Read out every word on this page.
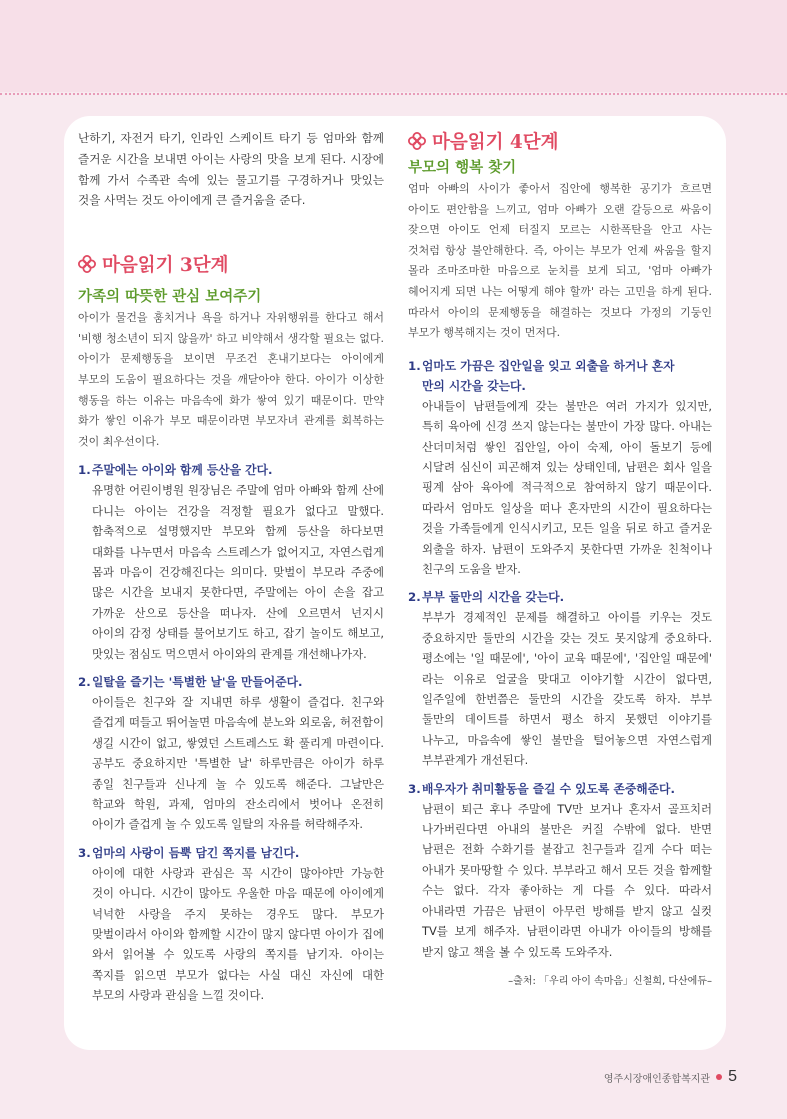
난하기, 자전거 타기, 인라인 스케이트 타기 등 엄마와 함께 즐거운 시간을 보내면 아이는 사랑의 맛을 보게 된다. 시장에 함께 가서 수족관 속에 있는 물고기를 구경하거나 맛있는 것을 사먹는 것도 아이에게 큰 즐거움을 준다.

마음읽기 3단계
가족의 따뜻한 관심 보여주기

아이가 물건을 훔치거나 욕을 하거나 자위행위를 한다고 해서 '비행 청소년이 되지 않을까' 하고 비약해서 생각할 필요는 없다. 아이가 문제행동을 보이면 무조건 혼내기보다는 아이에게 부모의 도움이 필요하다는 것을 깨닫아야 한다. 아이가 이상한 행동을 하는 이유는 마음속에 화가 쌓여 있기 때문이다. 만약 화가 쌓인 이유가 부모 때문이라면 부모자녀 관계를 회복하는 것이 최우선이다.

1.주말에는 아이와 함께 등산을 간다.

유명한 어린이병원 원장님은 주말에 엄마 아빠와 함께 산에 다니는 아이는 건강을 걱정할 필요가 없다고 말했다. 함축적으로 설명했지만 부모와 함께 등산을 하다보면 대화를 나누면서 마음속 스트레스가 없어지고, 자연스럽게 몸과 마음이 건강해진다는 의미다. 맞벌이 부모라 주중에 많은 시간을 보내지 못한다면, 주말에는 아이 손을 잡고 가까운 산으로 등산을 떠나자. 산에 오르면서 넌지시 아이의 감정 상태를 물어보기도 하고, 잡기 놀이도 해보고, 맛있는 점심도 먹으면서 아이와의 관계를 개선해나가자.

2.일탈을 즐기는 '특별한 날'을 만들어준다.

아이들은 친구와 잘 지내면 하루 생활이 즐겁다. 친구와 즐겁게 떠들고 뛰어놀면 마음속에 분노와 외로움, 허전함이 생길 시간이 없고, 쌓였던 스트레스도 확 풀리게 마련이다. 공부도 중요하지만 '특별한 날' 하루만큼은 아이가 하루 종일 친구들과 신나게 놀 수 있도록 해준다. 그날만은 학교와 학원, 과제, 엄마의 잔소리에서 벗어나 온전히 아이가 즐겁게 놀 수 있도록 일탈의 자유를 허락해주자.

3.엄마의 사랑이 듬뿍 담긴 쪽지를 남긴다.

아이에 대한 사랑과 관심은 꼭 시간이 많아야만 가능한 것이 아니다. 시간이 많아도 우울한 마음 때문에 아이에게 넉넉한 사랑을 주지 못하는 경우도 많다. 부모가 맞벌이라서 아이와 함께할 시간이 많지 않다면 아이가 집에 와서 읽어볼 수 있도록 사랑의 쪽지를 남기자. 아이는 쪽지를 읽으면 부모가 없다는 사실 대신 자신에 대한 부모의 사랑과 관심을 느낄 것이다.

마음읽기 4단계
부모의 행복 찾기

엄마 아빠의 사이가 좋아서 집안에 행복한 공기가 흐르면 아이도 편안함을 느끼고, 엄마 아빠가 오랜 갈등으로 싸움이 잦으면 아이도 언제 터질지 모르는 시한폭탄을 안고 사는 것처럼 항상 불안해한다. 즉, 아이는 부모가 언제 싸움을 할지 몰라 조마조마한 마음으로 눈치를 보게 되고, '엄마 아빠가 헤어지게 되면 나는 어떻게 해야 할까' 라는 고민을 하게 된다. 따라서 아이의 문제행동을 해결하는 것보다 가정의 기둥인 부모가 행복해지는 것이 먼저다.

1.엄마도 가끔은 집안일을 잊고 외출을 하거나 혼자

만의 시간을 갖는다.

아내들이 남편들에게 갖는 불만은 여러 가지가 있지만, 특히 육아에 신경 쓰지 않는다는 불만이 가장 많다. 아내는 산더미처럼 쌓인 집안일, 아이 숙제, 아이 돌보기 등에 시달려 심신이 피곤해져 있는 상태인데, 남편은 회사 일을 핑계 삼아 육아에 적극적으로 참여하지 않기 때문이다. 따라서 엄마도 일상을 떠나 혼자만의 시간이 필요하다는 것을 가족들에게 인식시키고, 모든 일을 뒤로 하고 즐거운 외출을 하자. 남편이 도와주지 못한다면 가까운 친척이나 친구의 도움을 받자.

2.부부 둘만의 시간을 갖는다.

부부가 경제적인 문제를 해결하고 아이를 키우는 것도 중요하지만 둘만의 시간을 갖는 것도 못지않게 중요하다. 평소에는 '일 때문에', '아이 교육 때문에', '집안일 때문에' 라는 이유로 얼굴을 맞대고 이야기할 시간이 없다면, 일주일에 한번쯤은 둘만의 시간을 갖도록 하자. 부부 둘만의 데이트를 하면서 평소 하지 못했던 이야기를 나누고, 마음속에 쌓인 불만을 털어놓으면 자연스럽게 부부관계가 개선된다.

3.배우자가 취미활동을 즐길 수 있도록 존중해준다.

남편이 퇴근 후나 주말에 TV만 보거나 혼자서 골프치러 나가버린다면 아내의 불만은 커질 수밖에 없다. 반면 남편은 전화 수화기를 붙잡고 친구들과 길게 수다 떠는 아내가 못마땅할 수 있다. 부부라고 해서 모든 것을 함께할 수는 없다. 각자 좋아하는 게 다를 수 있다. 따라서 아내라면 가끔은 남편이 아무런 방해를 받지 않고 실컷 TV를 보게 해주자. 남편이라면 아내가 아이들의 방해를 받지 않고 책을 볼 수 있도록 도와주자.

–출처: 「우리 아이 속마음」신철희, 다산에듀–

영주시장애인종합복지관 5
